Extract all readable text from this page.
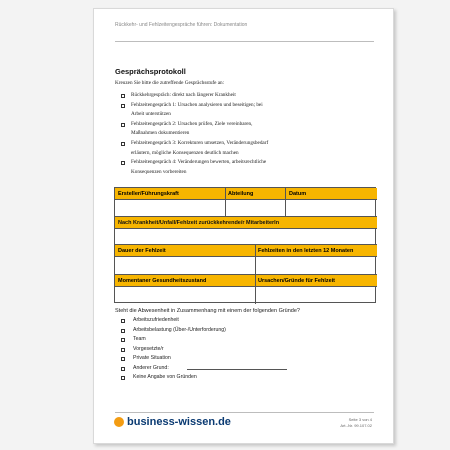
Rückkehr- und Fehlzeitengespräche führen: Dokumentation
Gesprächsprotokoll
Kreuzen Sie bitte die zutreffende Gesprächsstufe an:
Rückkehrgespräch: direkt nach längerer Krankheit
Fehlzeitengespräch 1: Ursachen analysieren und beseitigen; bei
Arbeit unterstützen
Fehlzeitengespräch 2: Ursachen prüfen, Ziele vereinbaren,
Maßnahmen dokumentieren
Fehlzeitengespräch 3: Korrekturen umsetzen, Veränderungsbedarf
erläutern, mögliche Konsequenzen deutlich machen
Fehlzeitengespräch 4: Veränderungen bewerten, arbeitsrechtliche
Konsequenzen vorbereiten
Ersteller/Führungskraft	Abteilung	Datum
Nach Krankheit/Unfall/Fehlzeit zurückkehrende/r MitarbeiterIn
Dauer der Fehlzeit	Fehlzeiten in den letzten 12 Monaten
Momentaner Gesundheitszustand	Ursachen/Gründe für Fehlzeit
Steht die Abwesenheit in Zusammenhang mit einem der folgenden Gründe?
Arbeitszufriedenheit
Arbeitsbelastung (Über-/Unterforderung)
Team
Vorgesetzte/r
Private Situation
Anderer Grund:
Keine Angabe von Gründen
business-wissen.de	Seite 3 von 4
Art.-Nr. 99.107.02
